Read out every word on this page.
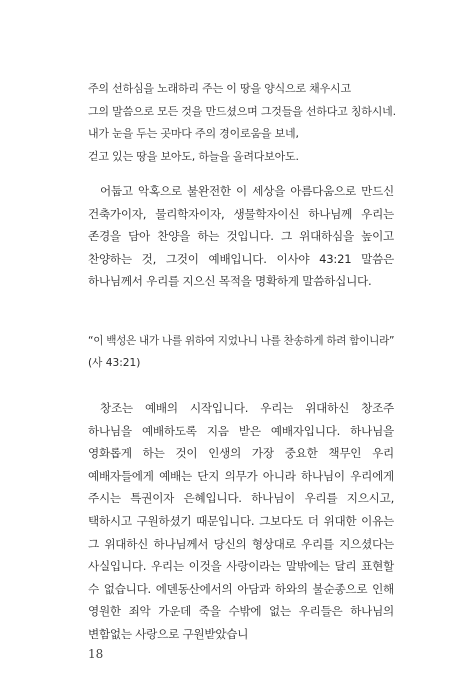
주의 선하심을 노래하리 주는 이 땅을 양식으로 채우시고
그의 말씀으로 모든 것을 만드셨으며 그것들을 선하다고 칭하시네.
내가 눈을 두는 곳마다 주의 경이로움을 보네,
걷고 있는 땅을 보아도, 하늘을 올려다보아도.
어둡고 악혹으로 불완전한 이 세상을 아름다움으로 만드신 건축가이자, 물리학자이자, 생물학자이신 하나님께 우리는 존경을 담아 찬양을 하는 것입니다. 그 위대하심을 높이고 찬양하는 것, 그것이 예배입니다. 이사야 43:21 말씀은 하나님께서 우리를 지으신 목적을 명확하게 말씀하십니다.
“이 백성은 내가 나를 위하여 지었나니 나를 찬송하게 하려 함이니라”
(사 43:21)
창조는 예배의 시작입니다. 우리는 위대하신 창조주 하나님을 예배하도록 지음 받은 예배자입니다. 하나님을 영화롭게 하는 것이 인생의 가장 중요한 책무인 우리 예배자들에게 예배는 단지 의무가 아니라 하나님이 우리에게 주시는 특권이자 은혜입니다. 하나님이 우리를 지으시고, 택하시고 구원하셨기 때문입니다. 그보다도 더 위대한 이유는 그 위대하신 하나님께서 당신의 형상대로 우리를 지으셨다는 사실입니다. 우리는 이것을 사랑이라는 말밖에는 달리 표현할 수 없습니다. 에덴동산에서의 아담과 하와의 불순종으로 인해 영원한 죄악 가운데 죽을 수밖에 없는 우리들은 하나님의 변함없는 사랑으로 구원받았습니
18
